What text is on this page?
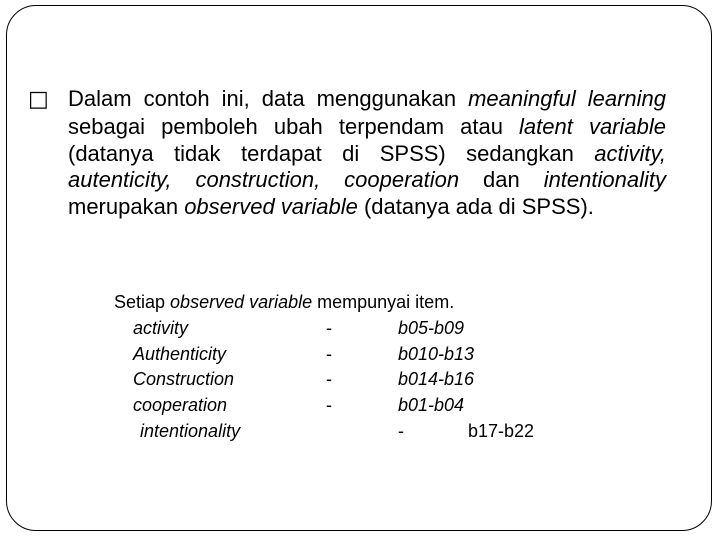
□ Dalam contoh ini, data menggunakan meaningful learning sebagai pemboleh ubah terpendam atau latent variable (datanya tidak terdapat di SPSS) sedangkan activity, autenticity, construction, cooperation dan intentionality merupakan observed variable (datanya ada di SPSS).
Setiap observed variable mempunyai item.
activity	-	b05-b09
Authenticity	-	b010-b13
Construction	-	b014-b16
cooperation	-	b01-b04
intentionality	-	b17-b22
